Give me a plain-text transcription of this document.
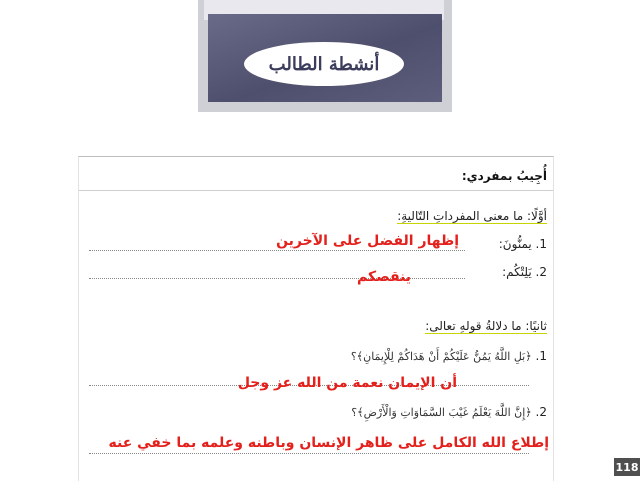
أنشطة الطالب
أُجِيبُ بمفردي:
أوَّلًا: ما معنى المفرداتِ التّاليةِ:
1. يمنُّونَ:
إظهار الفضل على الآخرين
2. يَلِتْكُم:
ينقصكم
ثانيًا: ما دلالةُ قولهِ تعالى:
1. ﴿بَلِ اللَّهُ يَمُنُّ عَلَيْكُمْ أَنْ هَدَاكُمْ لِلْإِيمَانِ﴾؟
أن الإيمان نعمة من الله عز وجل
2. ﴿إِنَّ اللَّهَ يَعْلَمُ غَيْبَ السَّمَاوَاتِ وَالْأَرْضِ﴾؟
إطلاع الله الكامل على ظاهر الإنسان وباطنه وعلمه بما خفي عنه
118
